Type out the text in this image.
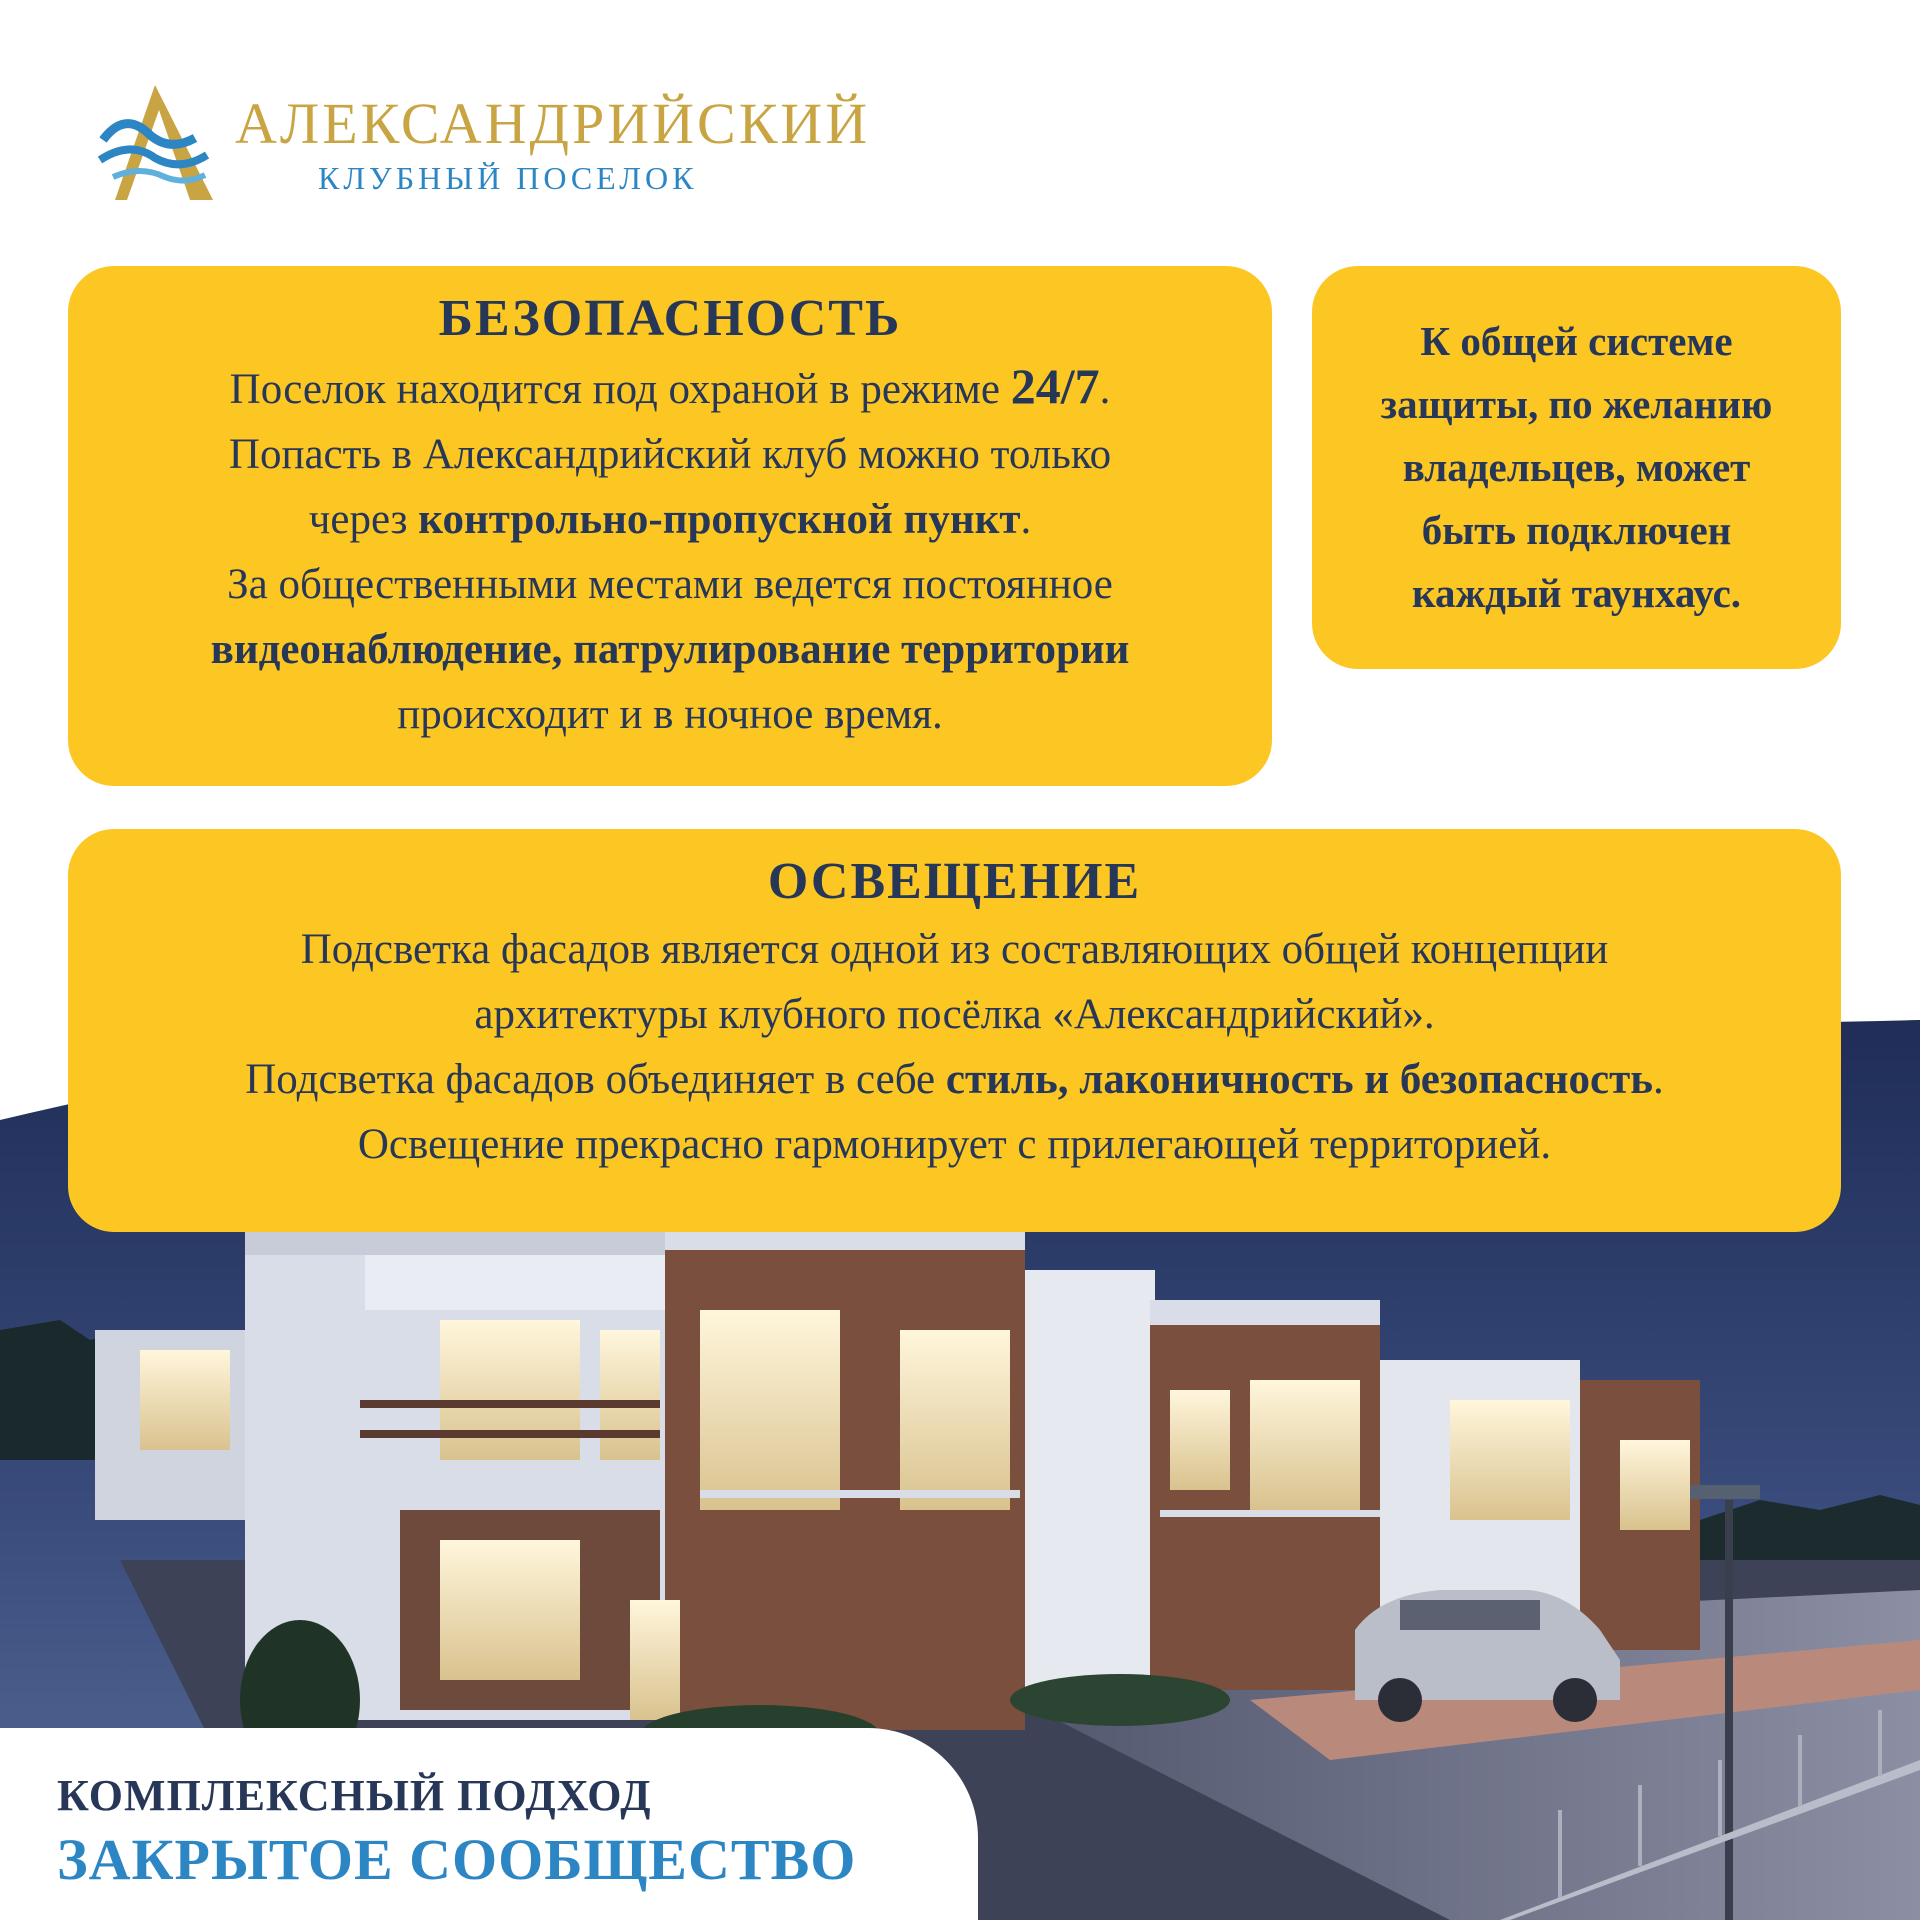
АЛЕКСАНДРИЙСКИЙ
КЛУБНЫЙ ПОСЕЛОК
БЕЗОПАСНОСТЬ
Поселок находится под охраной в режиме 24/7.
Попасть в Александрийский клуб можно только
через контрольно-пропускной пункт.
За общественными местами ведется постоянное
видеонаблюдение, патрулирование территории
происходит и в ночное время.
К общей системе
защиты, по желанию
владельцев, может
быть подключен
каждый таунхаус.
ОСВЕЩЕНИЕ
Подсветка фасадов является одной из составляющих общей концепции
архитектуры клубного посёлка «Александрийский».
Подсветка фасадов объединяет в себе стиль, лаконичность и безопасность.
Освещение прекрасно гармонирует с прилегающей территорией.
КОМПЛЕКСНЫЙ ПОДХОД
ЗАКРЫТОЕ СООБЩЕСТВО
